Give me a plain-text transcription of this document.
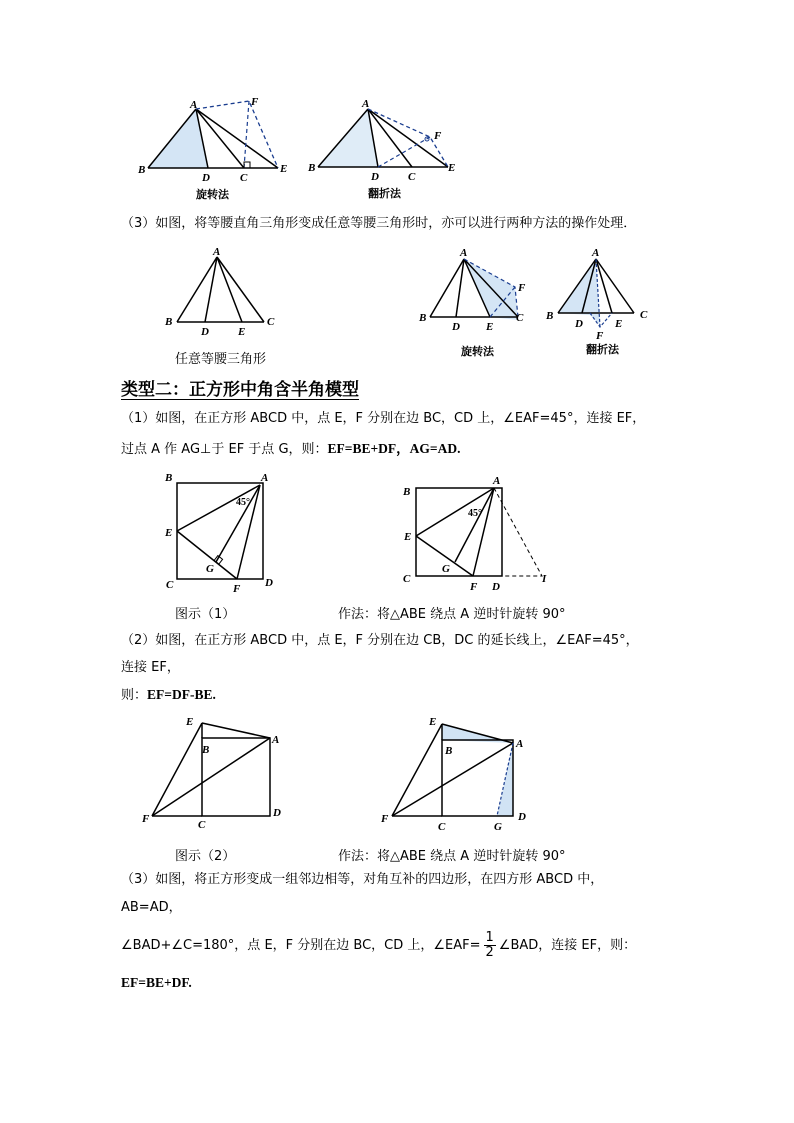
A	F
B
D	C
E
A
F
B
D	C
E
旋转法	翻折法
（3）如图，将等腰直角三角形变成任意等腰三角形时，亦可以进行两种方法的操作处理．
A
B
D	E
C
A
F
B
D E
C
A
B
D	E
C
F
任意等腰三角形
旋转法	翻折法
类型二：正方形中角含半角模型
（1）如图，在正方形 ABCD 中，点 E，F 分别在边 BC，CD 上，∠EAF=45°，连接 EF，
过点 A 作 AG⊥于 EF 于点 G，则：EF=BE+DF，AG=AD.
45°
B	A
E
G
C	F D
45°
B
A
E
G
C
F D
I
图示（1）	作法：将△ABE 绕点 A 逆时针旋转 90°
（2）如图，在正方形 ABCD 中，点 E，F 分别在边 CB，DC 的延长线上，∠EAF=45°，
连接 EF，
则：EF=DF-BE.
E
B
A
F	C
D
E
B
A
F
C	G
D
图示（2）	作法：将△ABE 绕点 A 逆时针旋转 90°
（3）如图，将正方形变成一组邻边相等，对角互补的四边形，在四方形 ABCD 中，
AB=AD，
∠BAD+∠C=180°，点 E，F 分别在边 BC，CD 上，∠EAF= $\frac{1}{2}$ ∠BAD，连接 EF，则：
EF=BE+DF.
